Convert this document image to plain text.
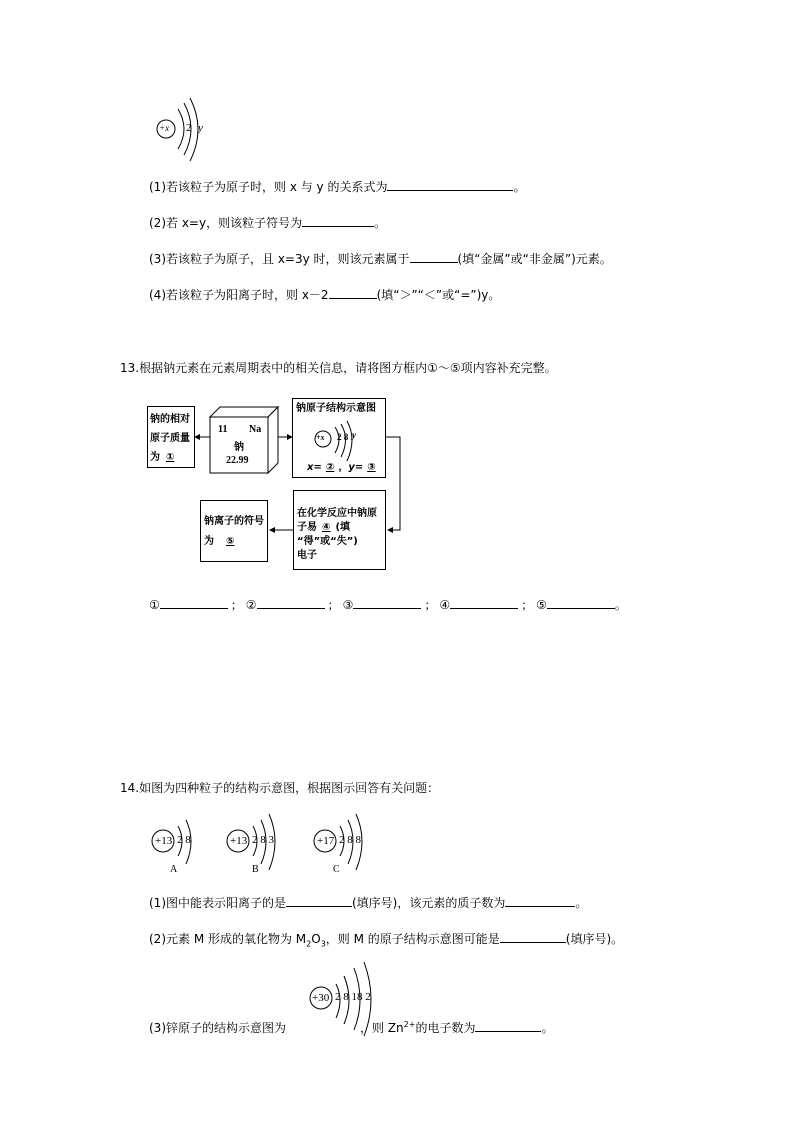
+x 2 y
(1)若该粒子为原子时，则 x 与 y 的关系式为	。
(2)若 x=y，则该粒子符号为	。
(3)若该粒子为原子，且 x=3y 时，则该元素属于	(填“金属”或“非金属”)元素。
(4)若该粒子为阳离子时，则 x－2	(填“＞”“＜”或“=”)y。
13.根据钠元素在元素周期表中的相关信息，请将图方框内①～⑤项内容补充完整。
钠的相对
原子质量
为 ①
11 Na
钠
22.99
钠原子结构示意图
+x 2 8 y
x= ② ，y= ③
在化学反应中钠原
子易 ④ (填
“得”或“失”)
电子
钠离子的符号
为 ⑤
①	； ②	； ③	； ④	； ⑤	。
14.如图为四种粒子的结构示意图，根据图示回答有关问题：
+13 2 8
A
+13 2 8 3
B
+17 2 8 8
C
(1)图中能表示阳离子的是	(填序号)，该元素的质子数为	。
(2)元素 M 形成的氧化物为 $M_2O_3$，则 M 的原子结构示意图可能是	(填序号)。
+30 2 8 18 2
(3)锌原子的结构示意图为	，则 $Zn^{2+}$的电子数为	。
